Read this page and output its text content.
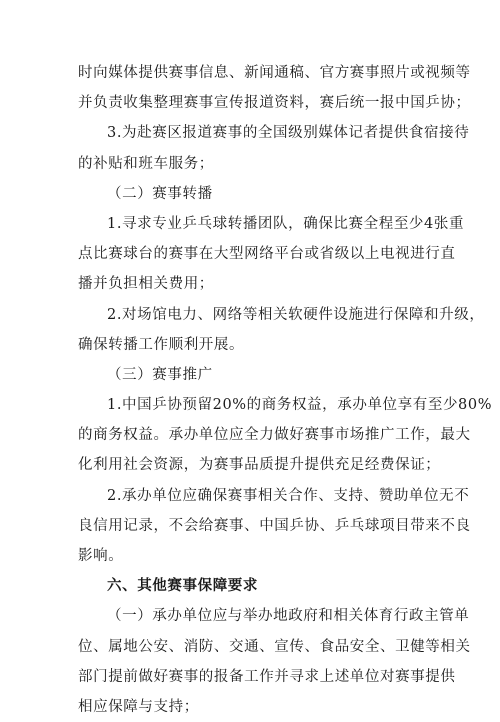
时向媒体提供赛事信息、新闻通稿、官方赛事照片或视频等
并负责收集整理赛事宣传报道资料，赛后统一报中国乒协；
3.为赴赛区报道赛事的全国级别媒体记者提供食宿接待
的补贴和班车服务；
（二）赛事转播
1.寻求专业乒乓球转播团队，确保比赛全程至少4张重
点比赛球台的赛事在大型网络平台或省级以上电视进行直
播并负担相关费用；
2.对场馆电力、网络等相关软硬件设施进行保障和升级，
确保转播工作顺利开展。
（三）赛事推广
1.中国乒协预留20%的商务权益，承办单位享有至少80%
的商务权益。承办单位应全力做好赛事市场推广工作，最大
化利用社会资源，为赛事品质提升提供充足经费保证；
2.承办单位应确保赛事相关合作、支持、赞助单位无不
良信用记录，不会给赛事、中国乒协、乒乓球项目带来不良
影响。
六、其他赛事保障要求
（一）承办单位应与举办地政府和相关体育行政主管单
位、属地公安、消防、交通、宣传、食品安全、卫健等相关
部门提前做好赛事的报备工作并寻求上述单位对赛事提供
相应保障与支持；
